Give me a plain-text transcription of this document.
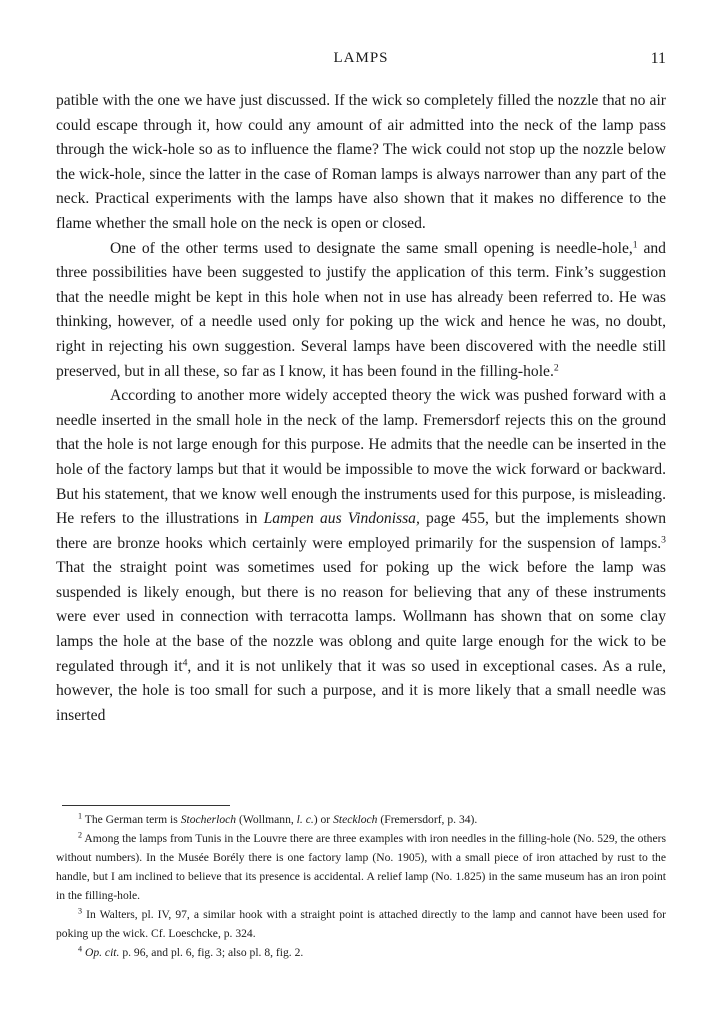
LAMPS	11

patible with the one we have just discussed. If the wick so completely filled the nozzle that no air could escape through it, how could any amount of air admitted into the neck of the lamp pass through the wick-hole so as to influence the flame? The wick could not stop up the nozzle below the wick-hole, since the latter in the case of Roman lamps is always narrower than any part of the neck. Practical experiments with the lamps have also shown that it makes no difference to the flame whether the small hole on the neck is open or closed.

One of the other terms used to designate the same small opening is needle-hole,$^1$ and three possibilities have been suggested to justify the application of this term. Fink’s suggestion that the needle might be kept in this hole when not in use has already been referred to. He was thinking, however, of a needle used only for poking up the wick and hence he was, no doubt, right in rejecting his own suggestion. Several lamps have been discovered with the needle still preserved, but in all these, so far as I know, it has been found in the filling-hole.$^2$

According to another more widely accepted theory the wick was pushed forward with a needle inserted in the small hole in the neck of the lamp. Fremersdorf rejects this on the ground that the hole is not large enough for this purpose. He admits that the needle can be inserted in the hole of the factory lamps but that it would be impossible to move the wick forward or backward. But his statement, that we know well enough the instruments used for this purpose, is misleading. He refers to the illustrations in Lampen aus Vindonissa, page 455, but the implements shown there are bronze hooks which certainly were employed primarily for the suspension of lamps.$^3$ That the straight point was sometimes used for poking up the wick before the lamp was suspended is likely enough, but there is no reason for believing that any of these instruments were ever used in connection with terracotta lamps. Wollmann has shown that on some clay lamps the hole at the base of the nozzle was oblong and quite large enough for the wick to be regulated through $it^4$, and it is not unlikely that it was so used in exceptional cases. As a rule, however, the hole is too small for such a purpose, and it is more likely that a small needle was inserted

$^1$ The German term is Stocherloch (Wollmann, l. c.) or Steckloch (Fremersdorf, p. 34).

$^2$ Among the lamps from Tunis in the Louvre there are three examples with iron needles in the filling-hole (No. 529, the others without numbers). In the Musée Borély there is one factory lamp (No. 1905), with a small piece of iron attached by rust to the handle, but I am inclined to believe that its presence is accidental. A relief lamp (No. 1.825) in the same museum has an iron point in the filling-hole.

$^3$ In Walters, pl. IV, 97, a similar hook with a straight point is attached directly to the lamp and cannot have been used for poking up the wick. Cf. Loeschcke, p. 324.

$^4$ Op. cit. p. 96, and pl. 6, fig. 3; also pl. 8, fig. 2.
